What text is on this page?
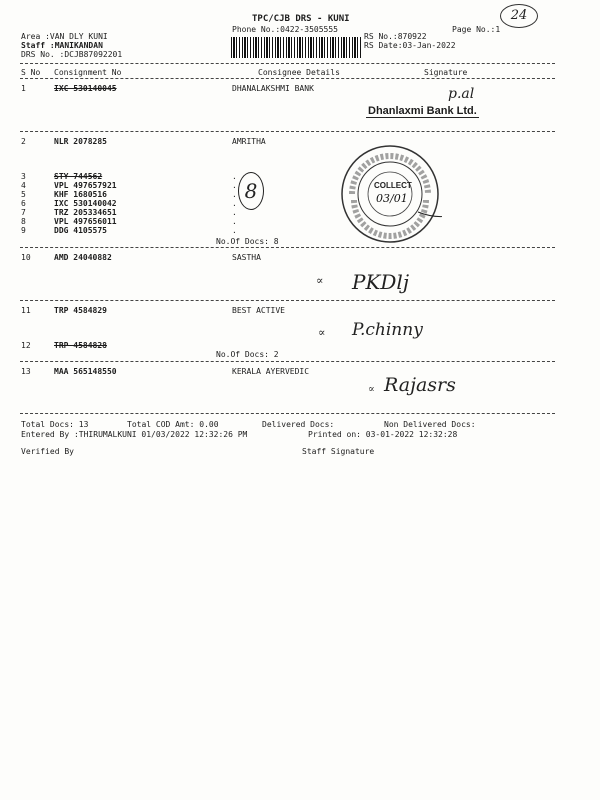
TPC/CJB DRS - KUNI
Phone No.:0422-3505555	Page No.:1
24
Area :VAN DLY KUNI
Staff :MANIKANDAN
DRS No. :DCJB87092201
RS No.:870922
RS Date:03-Jan-2022
S No Consignment No	Consignee Details	Signature
1	IXC 530140045	DHANALAKSHMI BANK	p.al
Dhanlaxmi Bank Ltd.
2	NLR 2078285	AMRITHA
3	STY 744562
4	VPL 497657921
5	KHF 1680516
6	IXC 530140042
7	TRZ 205334651
8	VPL 497656011
9	DDG 4105575
.
.
.
.
.
.
.
8
No.Of Docs: 8
COLLECT
03/01
10	AMD 24040882	SASTHA
∝ PKDlj
11	TRP 4584829	BEST ACTIVE
∝ P.chinny
12	TRP 4584828
No.Of Docs: 2
13	MAA 565148550	KERALA AYERVEDIC
∝ Rajasrs
Total Docs: 13	Total COD Amt: 0.00	Delivered Docs:	Non Delivered Docs:
Entered By :THIRUMALKUNI 01/03/2022 12:32:26 PM	Printed on: 03-01-2022 12:32:28
Verified By	Staff Signature
